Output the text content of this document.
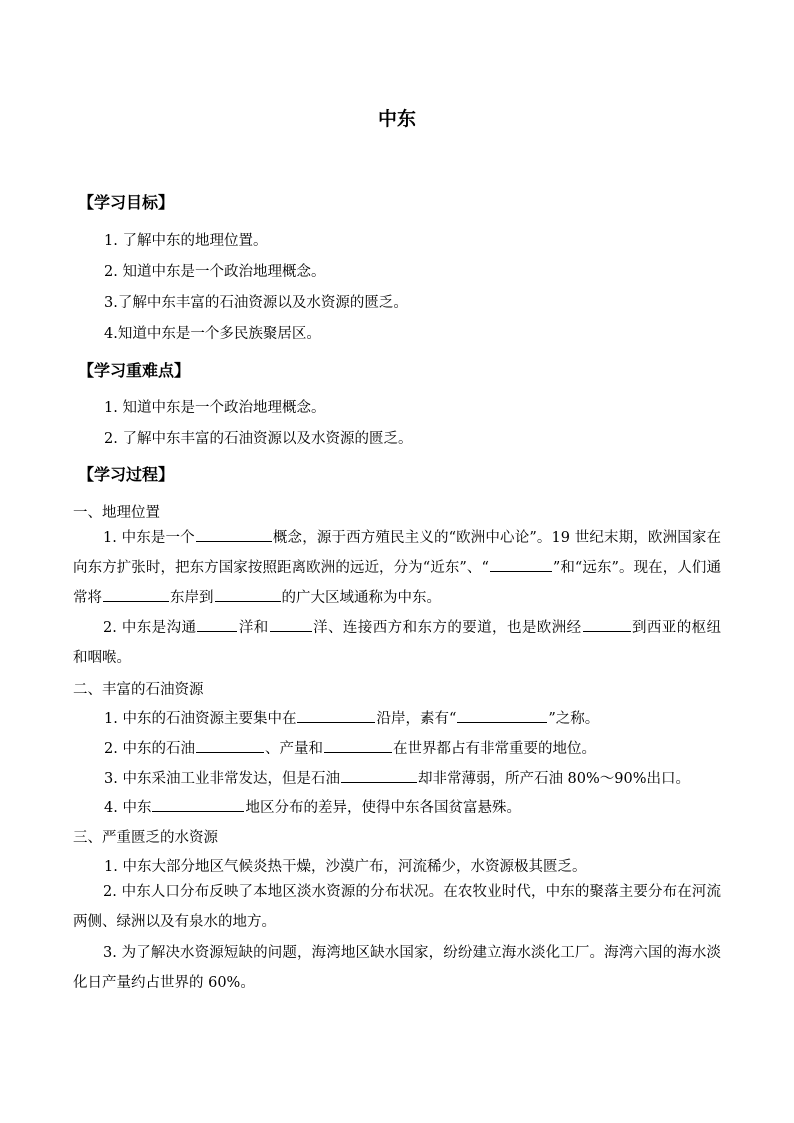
中东
【学习目标】
1. 了解中东的地理位置。
2. 知道中东是一个政治地理概念。
3.了解中东丰富的石油资源以及水资源的匮乏。
4.知道中东是一个多民族聚居区。
【学习重难点】
1. 知道中东是一个政治地理概念。
2. 了解中东丰富的石油资源以及水资源的匮乏。
【学习过程】
一、地理位置
1. 中东是一个	概念，源于西方殖民主义的“欧洲中心论”。19 世纪末期，欧洲国家在向东方扩张时，把东方国家按照距离欧洲的远近，分为“近东”、“	”和“远东”。现在，人们通常将	东岸到	的广大区域通称为中东。
2. 中东是沟通	洋和	洋、连接西方和东方的要道，也是欧洲经	到西亚的枢纽和咽喉。
二、丰富的石油资源
1. 中东的石油资源主要集中在	沿岸，素有“	”之称。
2. 中东的石油	、产量和	在世界都占有非常重要的地位。
3. 中东采油工业非常发达，但是石油	却非常薄弱，所产石油 80%～90%出口。
4. 中东	地区分布的差异，使得中东各国贫富悬殊。
三、严重匮乏的水资源
1. 中东大部分地区气候炎热干燥，沙漠广布，河流稀少，水资源极其匮乏。
2. 中东人口分布反映了本地区淡水资源的分布状况。在农牧业时代，中东的聚落主要分布在河流两侧、绿洲以及有泉水的地方。
3. 为了解决水资源短缺的问题，海湾地区缺水国家，纷纷建立海水淡化工厂。海湾六国的海水淡化日产量约占世界的 60%。
